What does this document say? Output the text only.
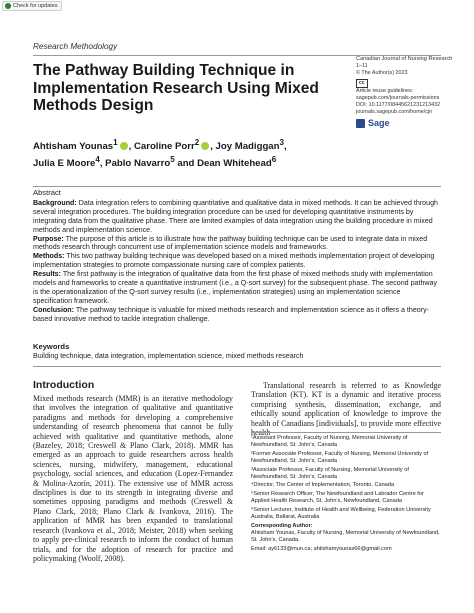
Check for updates
Research Methodology
The Pathway Building Technique in Implementation Research Using Mixed Methods Design
Ahtisham Younas$^1$ , Caroline Porr$^2$ , Joy Madiggan$^3$,
Julia E Moore$^4$, Pablo Navarro$^5$ and Dean Whitehead$^6$
Canadian Journal of Nursing Research
1–11
© The Author(s) 2023
cc
Article reuse guidelines:
sagepub.com/journals-permissions
DOI: 10.1177/08445621231213432
journals.sagepub.com/home/cjn
Sage
Abstract

Background: Data integration refers to combining quantitative and qualitative data in mixed methods. It can be achieved through several integration procedures. The building integration procedure can be used for developing quantitative instruments by integrating data from the qualitative phase. There are limited examples of data integration using the building procedure in mixed methods and implementation science.

Purpose: The purpose of this article is to illustrate how the pathway building technique can be used to integrate data in mixed methods research through concurrent use of implementation science models and frameworks.

Methods: This two pathway building technique was developed based on a mixed methods implementation project of developing implementation strategies to promote compassionate nursing care of complex patients.

Results: The first pathway is the integration of qualitative data from the first phase of mixed methods study with implementation models and frameworks to create a quantitative instrument (i.e., a Q-sort survey) for the subsequent phase. The second pathway is the operationalization of the Q-sort survey results (i.e., implementation strategies) using an implementation science specification framework.

Conclusion: The pathway technique is valuable for mixed methods research and implementation science as it offers a theory-based innovative method to tackle integration challenge.

Keywords
Building technique, data integration, implementation science, mixed methods research
Introduction
Mixed methods research (MMR) is an iterative methodology that involves the integration of qualitative and quantitative paradigms and methods for developing a comprehensive understanding of research phenomena that cannot be fully achieved with qualitative and quantitative methods, alone (Bazeley, 2018; Creswell & Plano Clark, 2018). MMR has emerged as an approach to guide researchers across health sciences, nursing, midwifery, management, educational psychology, social sciences, and education (Lopez-Fernandez & Molina-Azorín, 2011). The extensive use of MMR across disciplines is due to its strength in integrating diverse and sometimes opposing paradigms and methods (Creswell & Plano Clark, 2018; Plano Clark & Ivankova, 2016). The application of MMR has been expanded to translational research (Ivankova et al., 2018; Meister, 2018) when seeking to apply pre-clinical research to inform the conduct of human trials, and for the adoption of research for practice and policymaking (Woolf, 2008).
Translational research is referred to as Knowledge Translation (KT). KT is a dynamic and iterative process comprising synthesis, dissemination, exchange, and ethically sound application of knowledge to improve the health of Canadians [individuals], to provide more effective health

¹Assistant Professor, Faculty of Nursing, Memorial University of Newfoundland, St. John's, Canada

²Former Associate Professor, Faculty of Nursing, Memorial University of Newfoundland, St. John's, Canada

³Associate Professor, Faculty of Nursing, Memorial University of Newfoundland, St. John's, Canada

⁴Director, The Center of Implementation, Toronto, Canada

⁵Senior Research Officer, The Newfoundland and Labrador Centre for Applied Health Research, St. John's, Newfoundland, Canada

⁶Senior Lecturer, Institute of Health and Wellbeing, Federation University Australia, Ballarat, Australia

Corresponding Author:

Ahtisham Younas, Faculty of Nursing, Memorial University of Newfoundland, St. John's, Canada.

Email: ay6133@mun.ca; ahtishamyounas66@gmail.com
